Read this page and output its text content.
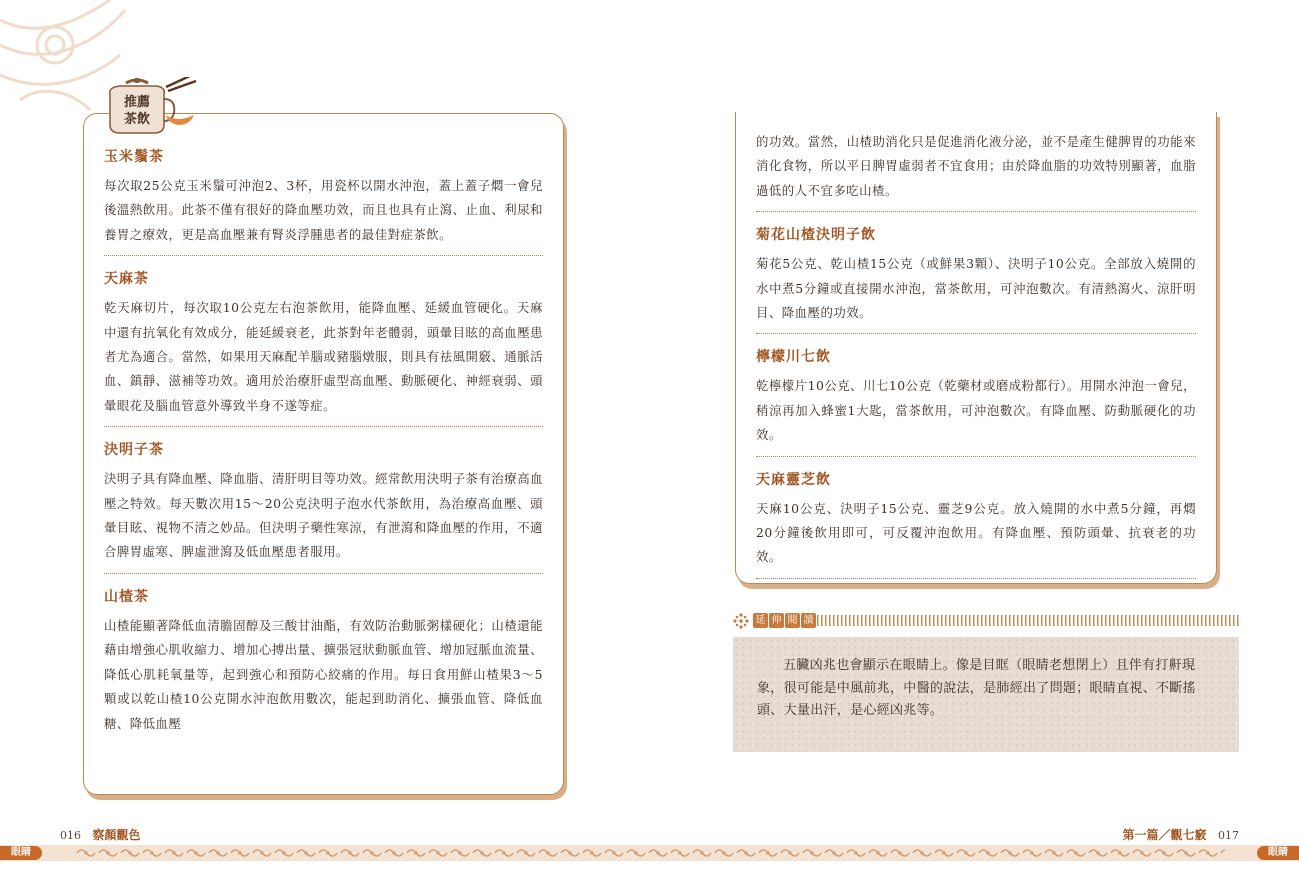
玉米鬚茶

每次取25公克玉米鬚可沖泡2、3杯，用瓷杯以開水沖泡，蓋上蓋子燜一會兒後溫熱飲用。此茶不僅有很好的降血壓功效，而且也具有止瀉、止血、利尿和養胃之療效，更是高血壓兼有腎炎浮腫患者的最佳對症茶飲。

天麻茶

乾天麻切片，每次取10公克左右泡茶飲用，能降血壓、延緩血管硬化。天麻中還有抗氧化有效成分，能延緩衰老，此茶對年老體弱，頭暈目眩的高血壓患者尤為適合。當然，如果用天麻配羊腦或豬腦燉服，則具有祛風開竅、通脈活血、鎮靜、滋補等功效。適用於治療肝虛型高血壓、動脈硬化、神經衰弱、頭暈眼花及腦血管意外導致半身不遂等症。

決明子茶

決明子具有降血壓、降血脂、清肝明目等功效。經常飲用決明子茶有治療高血壓之特效。每天數次用15～20公克決明子泡水代茶飲用，為治療高血壓、頭暈目眩、視物不清之妙品。但決明子藥性寒涼，有泄瀉和降血壓的作用，不適合脾胃虛寒、脾虛泄瀉及低血壓患者服用。

山楂茶

山楂能顯著降低血清膽固醇及三酸甘油酯，有效防治動脈粥樣硬化；山楂還能藉由增強心肌收縮力、增加心搏出量、擴張冠狀動脈血管、增加冠脈血流量、降低心肌耗氧量等，起到強心和預防心絞痛的作用。每日食用鮮山楂果3～5顆或以乾山楂10公克開水沖泡飲用數次，能起到助消化、擴張血管、降低血糖、降低血壓

推薦
茶飲

的功效。當然，山楂助消化只是促進消化液分泌，並不是產生健脾胃的功能來消化食物，所以平日脾胃虛弱者不宜食用；由於降血脂的功效特別顯著，血脂過低的人不宜多吃山楂。

菊花山楂決明子飲

菊花5公克、乾山楂15公克（或鮮果3顆）、決明子10公克。全部放入燒開的水中煮5分鐘或直接開水沖泡，當茶飲用，可沖泡數次。有清熱瀉火、涼肝明目、降血壓的功效。

檸檬川七飲

乾檸檬片10公克、川七10公克（乾藥材或磨成粉都行）。用開水沖泡一會兒，稍涼再加入蜂蜜1大匙，當茶飲用，可沖泡數次。有降血壓、防動脈硬化的功效。

天麻靈芝飲

天麻10公克、決明子15公克、靈芝9公克。放入燒開的水中煮5分鐘，再燜20分鐘後飲用即可，可反覆沖泡飲用。有降血壓、預防頭暈、抗衰老的功效。

延 伸 閱 讀

五臟凶兆也會顯示在眼睛上。像是目眶（眼睛老想閉上）且伴有打鼾現象，很可能是中風前兆，中醫的說法，是肺經出了問題；眼睛直視、不斷搖頭、大量出汗，是心經凶兆等。

016 察顏觀色	第一篇／觀七竅 017
眼睛	眼睛
